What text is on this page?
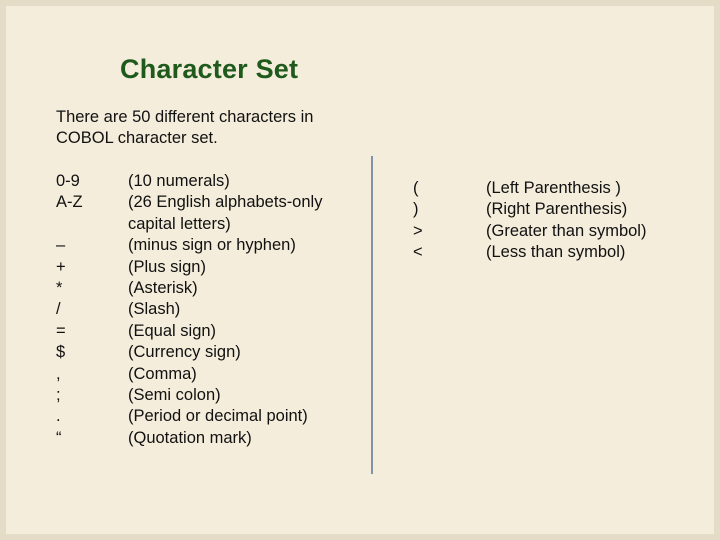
Character Set
There are 50 different characters in
COBOL character set.
0-9
A-Z
–
+
*
/
=
$
,
;
.
“
(10 numerals)
(26 English alphabets-only
capital letters)
(minus sign or hyphen)
(Plus sign)
(Asterisk)
(Slash)
(Equal sign)
(Currency sign)
(Comma)
(Semi colon)
(Period or decimal point)
(Quotation mark)
(
)
>
<
(Left Parenthesis )
(Right Parenthesis)
(Greater than symbol)
(Less than symbol)
